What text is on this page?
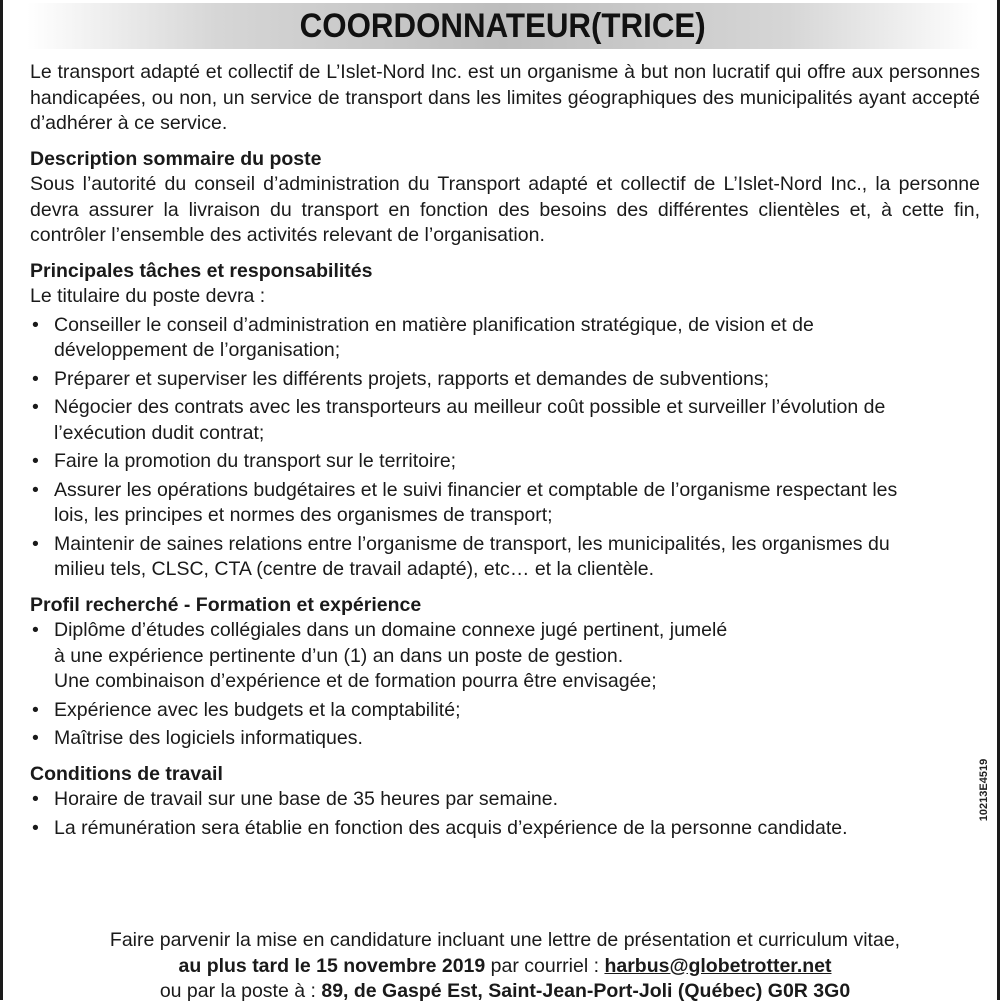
COORDONNATEUR(TRICE)

Le transport adapté et collectif de L’Islet-Nord Inc. est un organisme à but non lucratif qui offre aux personnes handicapées, ou non, un service de transport dans les limites géographiques des municipalités ayant accepté d’adhérer à ce service.

Description sommaire du poste

Sous l’autorité du conseil d’administration du Transport adapté et collectif de L’Islet-Nord Inc., la personne devra assurer la livraison du transport en fonction des besoins des différentes clientèles et, à cette fin, contrôler l’ensemble des activités relevant de l’organisation.

Principales tâches et responsabilités

Le titulaire du poste devra :

• Conseiller le conseil d’administration en matière planification stratégique, de vision et de développement de l’organisation;
• Préparer et superviser les différents projets, rapports et demandes de subventions;
• Négocier des contrats avec les transporteurs au meilleur coût possible et surveiller l’évolution de l’exécution dudit contrat;
• Faire la promotion du transport sur le territoire;
• Assurer les opérations budgétaires et le suivi financier et comptable de l’organisme respectant les lois, les principes et normes des organismes de transport;
• Maintenir de saines relations entre l’organisme de transport, les municipalités, les organismes du milieu tels, CLSC, CTA (centre de travail adapté), etc… et la clientèle.

Profil recherché - Formation et expérience

• Diplôme d’études collégiales dans un domaine connexe jugé pertinent, jumelé à une expérience pertinente d’un (1) an dans un poste de gestion.
Une combinaison d’expérience et de formation pourra être envisagée;
• Expérience avec les budgets et la comptabilité;
• Maîtrise des logiciels informatiques.

Conditions de travail

• Horaire de travail sur une base de 35 heures par semaine.
• La rémunération sera établie en fonction des acquis d’expérience de la personne candidate.

Faire parvenir la mise en candidature incluant une lettre de présentation et curriculum vitae,

au plus tard le 15 novembre 2019 par courriel : harbus@globetrotter.net

ou par la poste à : 89, de Gaspé Est, Saint-Jean-Port-Joli (Québec) G0R 3G0

10213E4519
